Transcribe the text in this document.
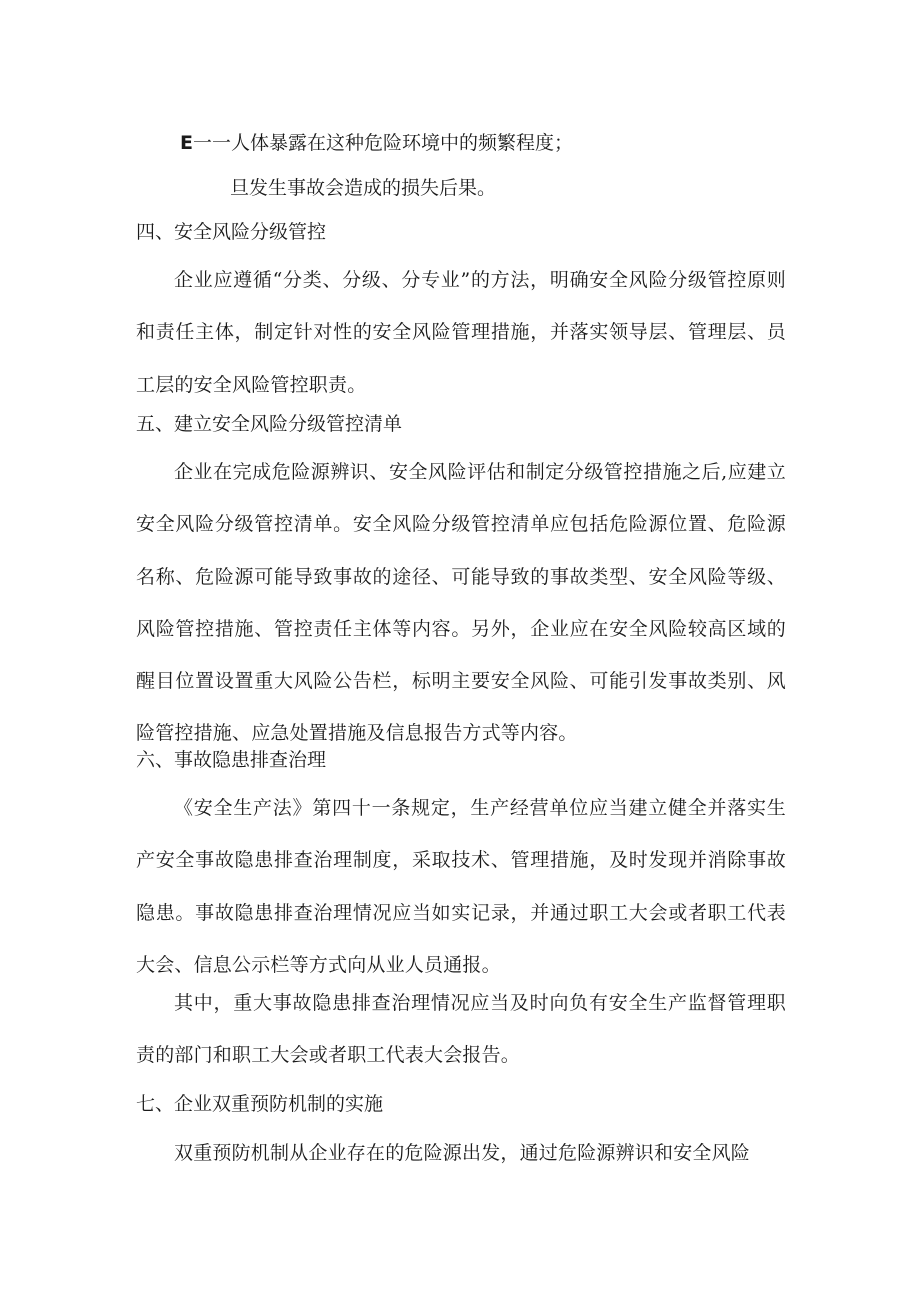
E一一人体暴露在这种危险环境中的频繁程度；
旦发生事故会造成的损失后果。
四、安全风险分级管控
企业应遵循“分类、分级、分专业”的方法，明确安全风险分级管控原则和责任主体，制定针对性的安全风险管理措施，并落实领导层、管理层、员工层的安全风险管控职责。
五、建立安全风险分级管控清单
企业在完成危险源辨识、安全风险评估和制定分级管控措施之后,应建立安全风险分级管控清单。安全风险分级管控清单应包括危险源位置、危险源名称、危险源可能导致事故的途径、可能导致的事故类型、安全风险等级、风险管控措施、管控责任主体等内容。另外，企业应在安全风险较高区域的醒目位置设置重大风险公告栏，标明主要安全风险、可能引发事故类别、风险管控措施、应急处置措施及信息报告方式等内容。
六、事故隐患排查治理
《安全生产法》第四十一条规定，生产经营单位应当建立健全并落实生产安全事故隐患排查治理制度，采取技术、管理措施，及时发现并消除事故隐患。事故隐患排查治理情况应当如实记录，并通过职工大会或者职工代表大会、信息公示栏等方式向从业人员通报。
其中，重大事故隐患排查治理情况应当及时向负有安全生产监督管理职责的部门和职工大会或者职工代表大会报告。
七、企业双重预防机制的实施
双重预防机制从企业存在的危险源出发，通过危险源辨识和安全风险
